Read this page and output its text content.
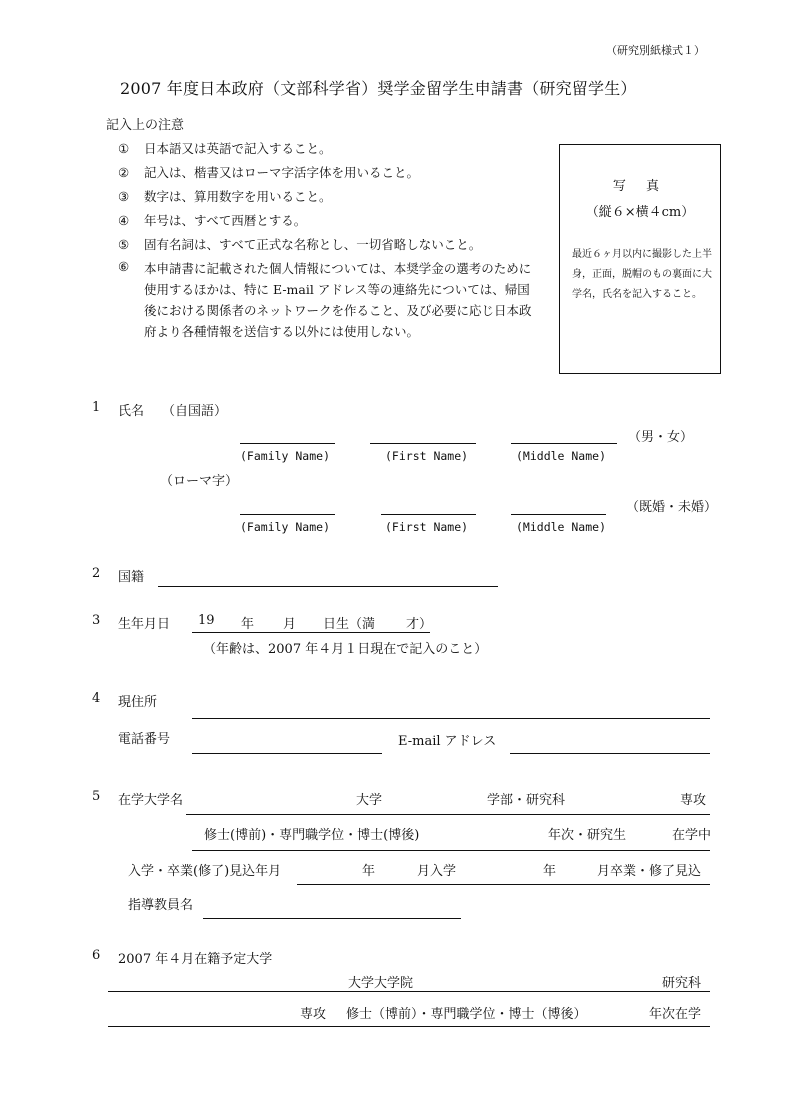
（研究別紙様式１）
2007 年度日本政府（文部科学省）奨学金留学生申請書（研究留学生）
記入上の注意
① 日本語又は英語で記入すること。
② 記入は、楷書又はローマ字活字体を用いること。
③ 数字は、算用数字を用いること。
④ 年号は、すべて西暦とする。
⑤ 固有名詞は、すべて正式な名称とし、一切省略しないこと。
⑥ 本申請書に記載された個人情報については、本奨学金の選考のために使用するほかは、特に E-mail アドレス等の連絡先については、帰国後における関係者のネットワークを作ること、及び必要に応じ日本政府より各種情報を送信する以外には使用しない。
写 真
（縦６×横４cm）
最近６ヶ月以内に撮影した上半身，正面，脱帽のもの裏面に大学名，氏名を記入すること。
1 氏名 （自国語）
（男・女）
(Family Name)	(First Name)	(Middle Name)
（ローマ字）
（既婚・未婚）
(Family Name)	(First Name)	(Middle Name)
2 国籍
3 生年月日 19 年 月 日生（満 才）
（年齢は、2007 年４月１日現在で記入のこと）
4 現住所
電話番号	E-mail アドレス
5 在学大学名	大学	学部・研究科	専攻
修士(博前)・専門職学位・博士(博後)	年次・研究生	在学中
入学・卒業(修了)見込年月	年	月入学	年	月卒業・修了見込
指導教員名
6 2007 年４月在籍予定大学
大学大学院	研究科
専攻 修士（博前）・専門職学位・博士（博後）	年次在学
